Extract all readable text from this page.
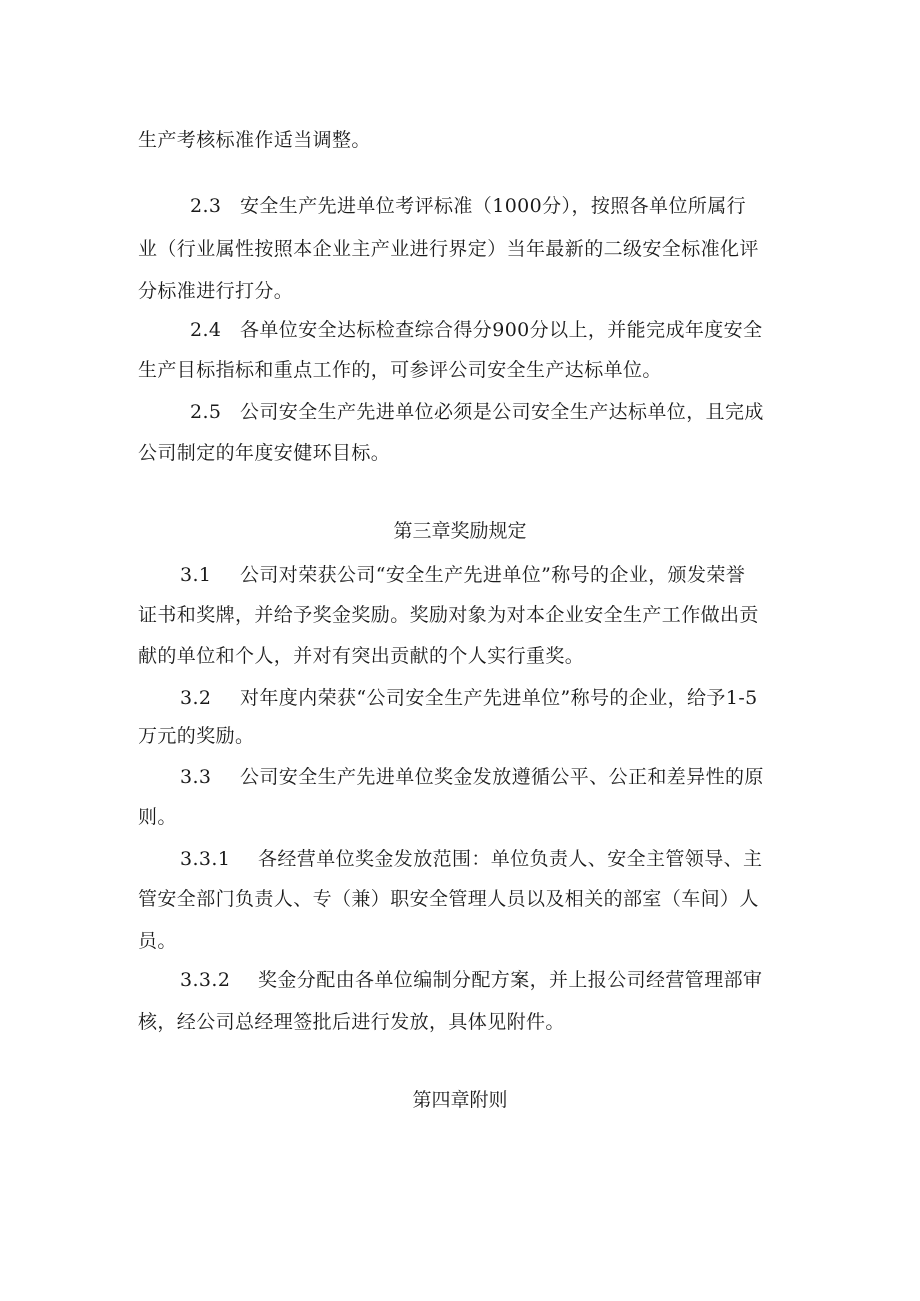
生产考核标准作适当调整。
2.3 安全生产先进单位考评标准（1000分），按照各单位所属行
业（行业属性按照本企业主产业进行界定）当年最新的二级安全标准化评
分标准进行打分。
2.4 各单位安全达标检查综合得分900分以上，并能完成年度安全
生产目标指标和重点工作的，可参评公司安全生产达标单位。
2.5 公司安全生产先进单位必须是公司安全生产达标单位，且完成
公司制定的年度安健环目标。
第三章奖励规定
3.1 公司对荣获公司“安全生产先进单位”称号的企业，颁发荣誉
证书和奖牌，并给予奖金奖励。奖励对象为对本企业安全生产工作做出贡
献的单位和个人，并对有突出贡献的个人实行重奖。
3.2 对年度内荣获“公司安全生产先进单位”称号的企业，给予1-5
万元的奖励。
3.3 公司安全生产先进单位奖金发放遵循公平、公正和差异性的原
则。
3.3.1 各经营单位奖金发放范围：单位负责人、安全主管领导、主
管安全部门负责人、专（兼）职安全管理人员以及相关的部室（车间）人
员。
3.3.2 奖金分配由各单位编制分配方案，并上报公司经营管理部审
核，经公司总经理签批后进行发放，具体见附件。
第四章附则
